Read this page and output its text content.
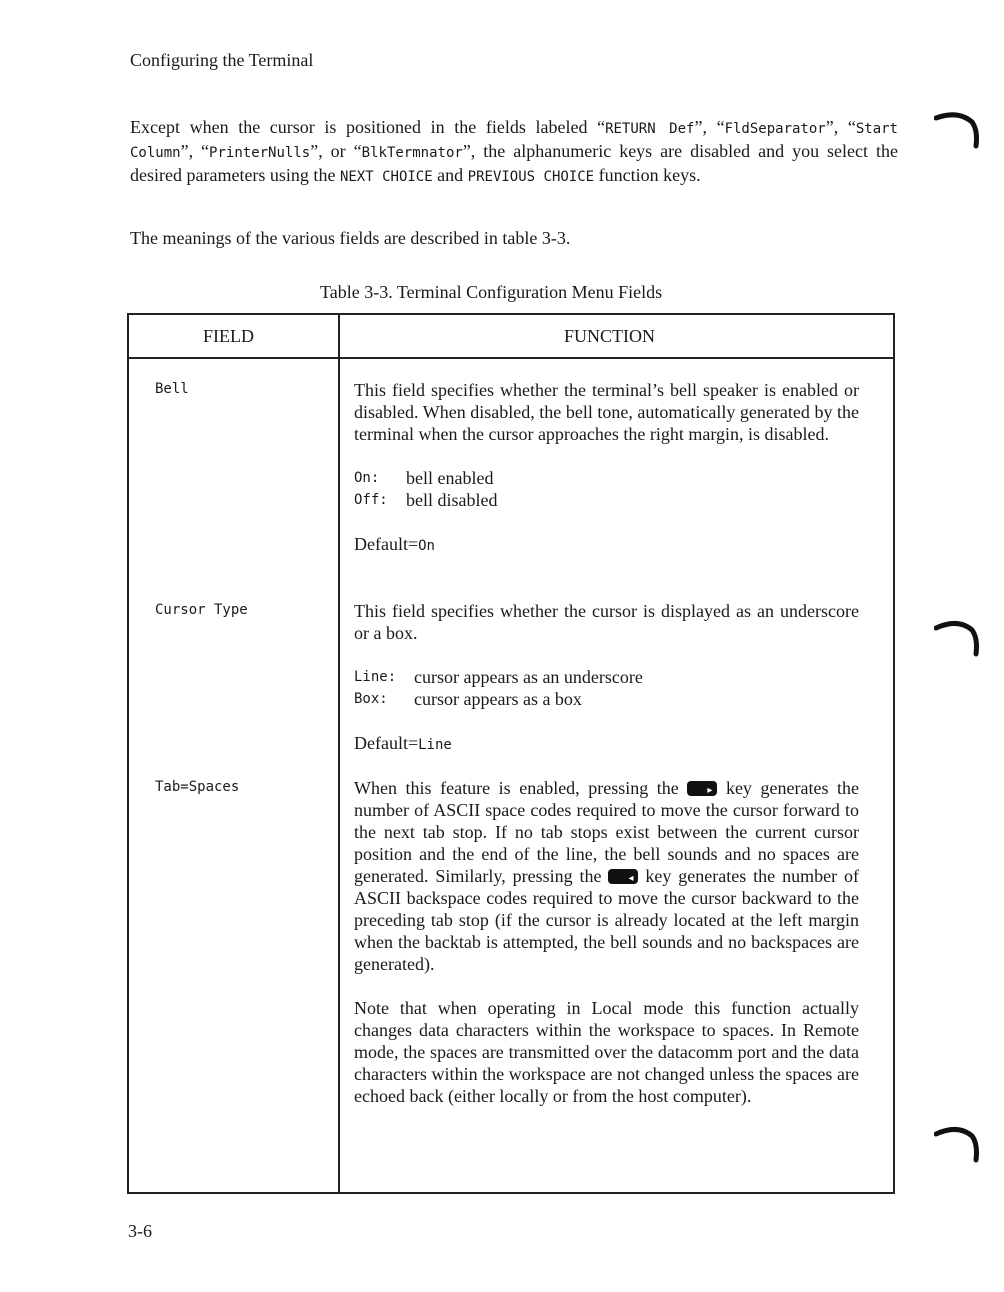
Configuring the Terminal
Except when the cursor is positioned in the fields labeled “RETURN Def”, “FldSeparator”, “Start Column”, “PrinterNulls”, or “BlkTermnator”, the alphanumeric keys are disabled and you select the desired parameters using the NEXT CHOICE and PREVIOUS CHOICE function keys.
The meanings of the various fields are described in table 3-3.
Table 3-3. Terminal Configuration Menu Fields
FIELD	FUNCTION
Bell	This field specifies whether the terminal’s bell speaker is enabled or disabled. When disabled, the bell tone, automatically generated by the terminal when the cursor approaches the right margin, is disabled.

On:	bell enabled
Off:	bell disabled

Default=On

Cursor Type	This field specifies whether the cursor is displayed as an underscore or a box.

Line: cursor appears as an underscore
Box:	cursor appears as a box

Default=Line

Tab=Spaces	When this feature is enabled, pressing the ▸ key generates the number of ASCII space codes required to move the cursor forward to the next tab stop. If no tab stops exist between the current cursor position and the end of the line, the bell sounds and no spaces are generated. Similarly, pressing the ◂ key generates the number of ASCII backspace codes required to move the cursor backward to the preceding tab stop (if the cursor is already located at the left margin when the backtab is attempted, the bell sounds and no backspaces are generated).

Note that when operating in Local mode this function actually changes data characters within the workspace to spaces. In Remote mode, the spaces are transmitted over the datacomm port and the data characters within the workspace are not changed unless the spaces are echoed back (either locally or from the host computer).

3-6
